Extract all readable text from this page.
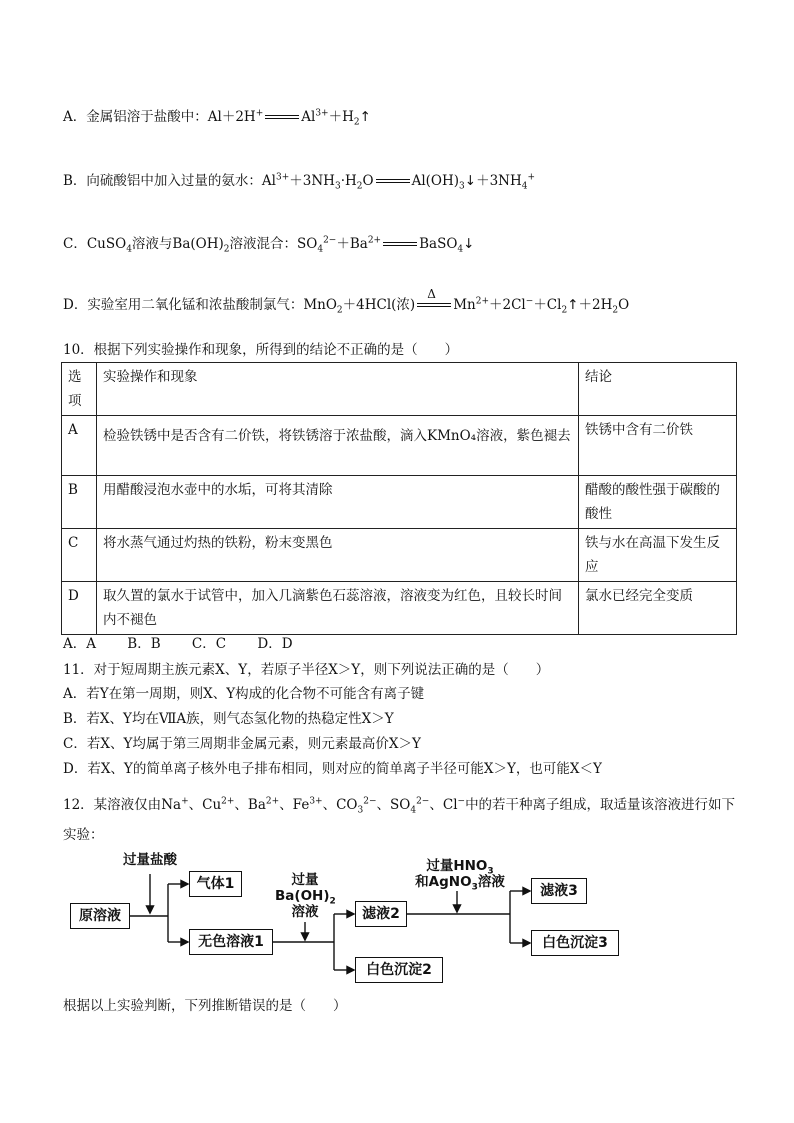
A．金属铝溶于盐酸中：Al＋2H+	$Al^{3+}+H_2↑$
B．向硫酸铝中加入过量的氨水：$Al^{3+}+3NH_3\cdot H_2O$	$Al(OH)_3↓+3NH_4^+$
C．CuSO$_4$溶液与$Ba(OH)_2$溶液混合：$SO_4^{2-}+Ba^{2+}$	BaSO$_4$↓
D．实验室用二氧化锰和浓盐酸制氯气：MnO$_2$＋4HCl(浓)
Δ
$Mn^{2+}+2Cl^-+Cl_2↑+2H_2O$
10．根据下列实验操作和现象，所得到的结论不正确的是（　　）
选项	实验操作和现象	结论
A	检验铁锈中是否含有二价铁，将铁锈溶于浓盐酸，滴入KMnO₄溶液，紫色褪去	铁锈中含有二价铁
B	用醋酸浸泡水壶中的水垢，可将其清除	醋酸的酸性强于碳酸的酸性
C	将水蒸气通过灼热的铁粉，粉末变黑色	铁与水在高温下发生反应
D	取久置的氯水于试管中，加入几滴紫色石蕊溶液，溶液变为红色，且较长时间内不褪色	氯水已经完全变质
A．A　　 B．B　　 C．C　　 D．D
11．对于短周期主族元素X、Y，若原子半径X＞Y，则下列说法正确的是（　　）
A．若Y在第一周期，则X、Y构成的化合物不可能含有离子键
B．若X、Y均在ⅦA族，则气态氢化物的热稳定性X＞Y
C．若X、Y均属于第三周期非金属元素，则元素最高价X＞Y
D．若X、Y的简单离子核外电子排布相同，则对应的简单离子半径可能X＞Y，也可能X＜Y
12．某溶液仅由Na+、$Cu^{2+}$、$Ba^{2+}$、$Fe^{3+}$、$CO_3^{2-}$、$SO_4^{2-}$、Cl−中的若干种离子组成，取适量该溶液进行如下
实验：
过量盐酸
过量
$Ba(OH)_2$
溶液
过量$HNO_3$
和AgNO$_3$溶液
原溶液
气体1
无色溶液1
滤液2
白色沉淀2
滤液3
白色沉淀3
根据以上实验判断，下列推断错误的是（　　）
